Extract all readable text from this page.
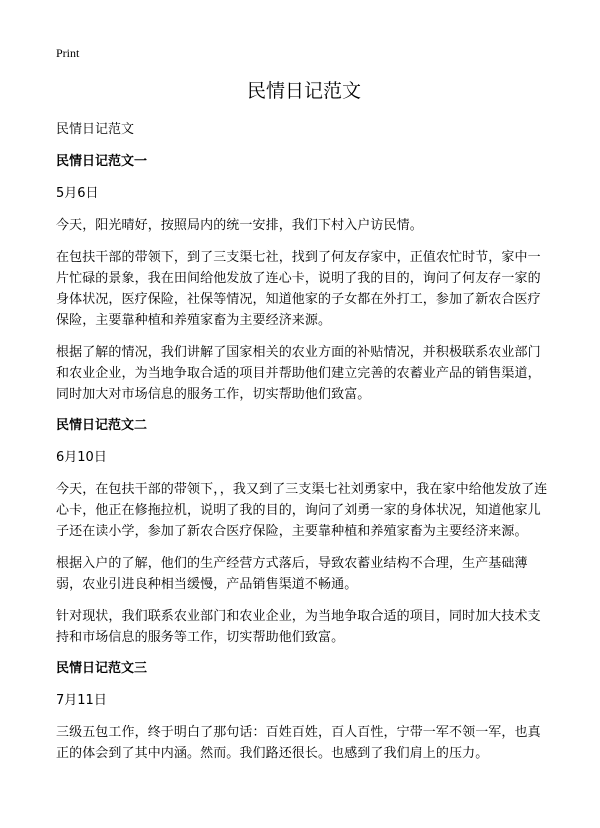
Print
民情日记范文

民情日记范文

民情日记范文一

5月6日

今天，阳光晴好，按照局内的统一安排，我们下村入户访民情。

在包扶干部的带领下，到了三支渠七社，找到了何友存家中，正值农忙时节，家中一片忙碌的景象，我在田间给他发放了连心卡，说明了我的目的，询问了何友存一家的身体状况，医疗保险，社保等情况，知道他家的子女都在外打工，参加了新农合医疗保险，主要靠种植和养殖家畜为主要经济来源。

根据了解的情况，我们讲解了国家相关的农业方面的补贴情况，并积极联系农业部门和农业企业，为当地争取合适的项目并帮助他们建立完善的农蓄业产品的销售渠道，同时加大对市场信息的服务工作，切实帮助他们致富。

民情日记范文二

6月10日

今天，在包扶干部的带领下，，我又到了三支渠七社刘勇家中，我在家中给他发放了连心卡，他正在修拖拉机，说明了我的目的，询问了刘勇一家的身体状况，知道他家儿子还在读小学，参加了新农合医疗保险，主要靠种植和养殖家畜为主要经济来源。

根据入户的了解，他们的生产经营方式落后，导致农蓄业结构不合理，生产基础薄弱，农业引进良种相当缓慢，产品销售渠道不畅通。

针对现状，我们联系农业部门和农业企业，为当地争取合适的项目，同时加大技术支持和市场信息的服务等工作，切实帮助他们致富。

民情日记范文三

7月11日

三级五包工作，终于明白了那句话：百姓百姓，百人百性，宁带一军不领一军，也真正的体会到了其中内涵。然而。我们路还很长。也感到了我们肩上的压力。
